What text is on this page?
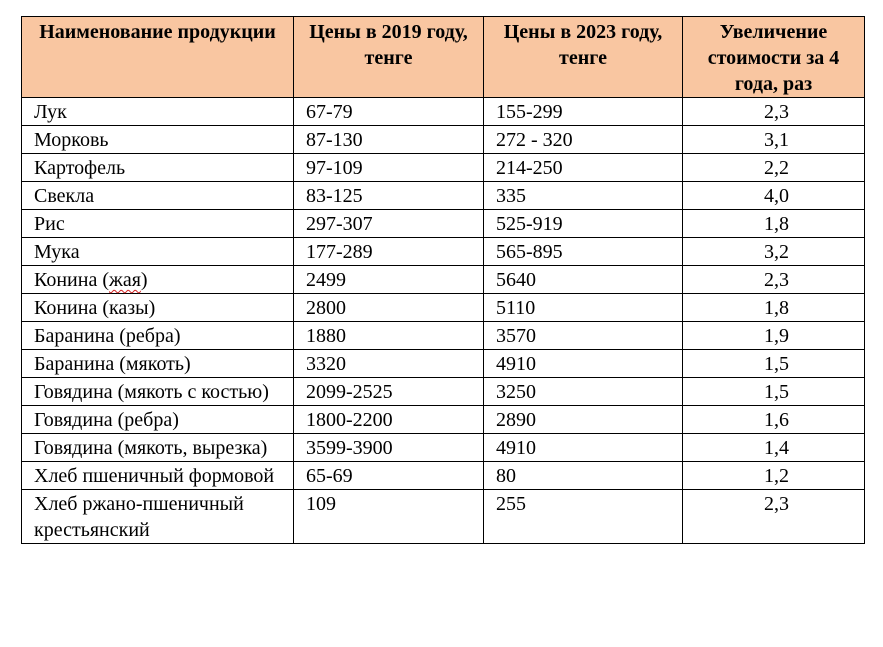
Наименование продукции	Цены в 2019 году, тенге	Цены в 2023 году, тенге	Увеличение стоимости за 4 года, раз
Лук	67-79	155-299	2,3
Морковь	87-130	272 - 320	3,1
Картофель	97-109	214-250	2,2
Свекла	83-125	335	4,0
Рис	297-307	525-919	1,8
Мука	177-289	565-895	3,2
Конина (жая)	2499	5640	2,3
Конина (казы)	2800	5110	1,8
Баранина (ребра)	1880	3570	1,9
Баранина (мякоть)	3320	4910	1,5
Говядина (мякоть с костью)	2099-2525	3250	1,5
Говядина (ребра)	1800-2200	2890	1,6
Говядина (мякоть, вырезка)	3599-3900	4910	1,4
Хлеб пшеничный формовой	65-69	80	1,2
Хлеб ржано-пшеничный крестьянский	109	255	2,3
